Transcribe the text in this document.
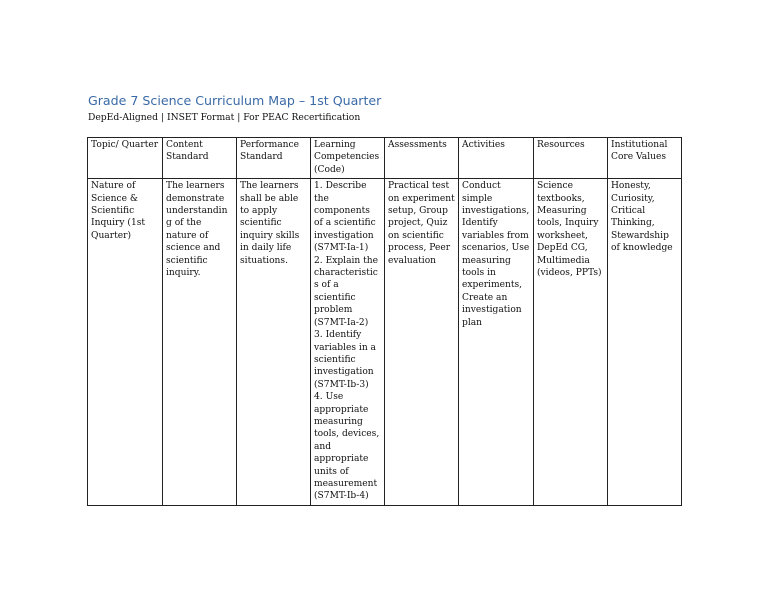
Grade 7 Science Curriculum Map – 1st Quarter

DepEd-Aligned | INSET Format | For PEAC Recertification

Topic/ Quarter	Content Standard	Performance Standard	Learning Competencies (Code)	Assessments	Activities	Resources	Institutional Core Values
Nature of Science & Scientific Inquiry (1st Quarter)	The learners demonstrate understanding of the nature of science and scientific inquiry.	The learners shall be able to apply scientific inquiry skills in daily life situations.	1. Describe the components of a scientific investigation (S7MT-Ia-1)
2. Explain the characteristics of a scientific problem (S7MT-Ia-2)
3. Identify variables in a scientific investigation (S7MT-Ib-3)
4. Use appropriate measuring tools, devices, and appropriate units of measurement (S7MT-Ib-4)	Practical test on experiment setup, Group project, Quiz on scientific process, Peer evaluation	Conduct simple investigations, Identify variables from scenarios, Use measuring tools in experiments, Create an investigation plan	Science textbooks, Measuring tools, Inquiry worksheet, DepEd CG, Multimedia (videos, PPTs)	Honesty, Curiosity, Critical Thinking, Stewardship of knowledge
